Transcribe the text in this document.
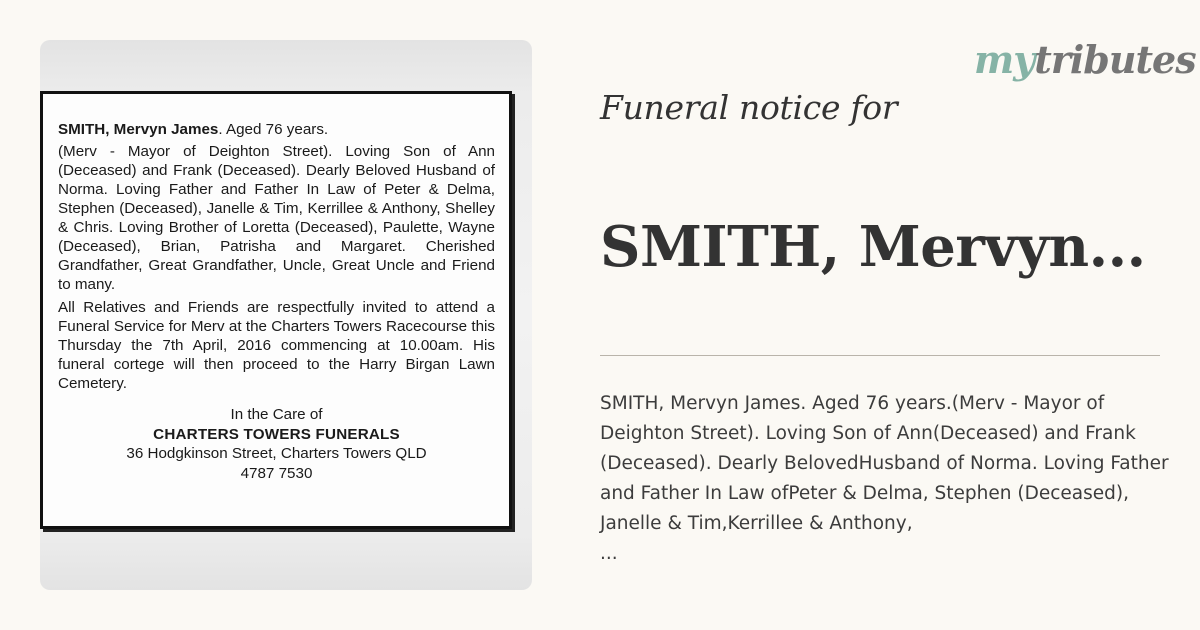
SMITH, Mervyn James. Aged 76 years.

(Merv - Mayor of Deighton Street). Loving Son of Ann (Deceased) and Frank (Deceased). Dearly Beloved Husband of Norma. Loving Father and Father In Law of Peter & Delma, Stephen (Deceased), Janelle & Tim, Kerrillee & Anthony, Shelley & Chris. Loving Brother of Loretta (Deceased), Paulette, Wayne (Deceased), Brian, Patrisha and Margaret. Cherished Grandfather, Great Grandfather, Uncle, Great Uncle and Friend to many.

All Relatives and Friends are respectfully invited to attend a Funeral Service for Merv at the Charters Towers Racecourse this Thursday the 7th April, 2016 commencing at 10.00am. His funeral cortege will then proceed to the Harry Birgan Lawn Cemetery.

In the Care of
CHARTERS TOWERS FUNERALS
36 Hodgkinson Street, Charters Towers QLD
4787 7530
mytributes
Funeral notice for
SMITH, Mervyn...
SMITH, Mervyn James. Aged 76 years.(Merv - Mayor of Deighton Street). Loving Son of Ann(Deceased) and Frank (Deceased). Dearly BelovedHusband of Norma. Loving Father and Father In Law ofPeter & Delma, Stephen (Deceased), Janelle & Tim,Kerrillee & Anthony,
...
